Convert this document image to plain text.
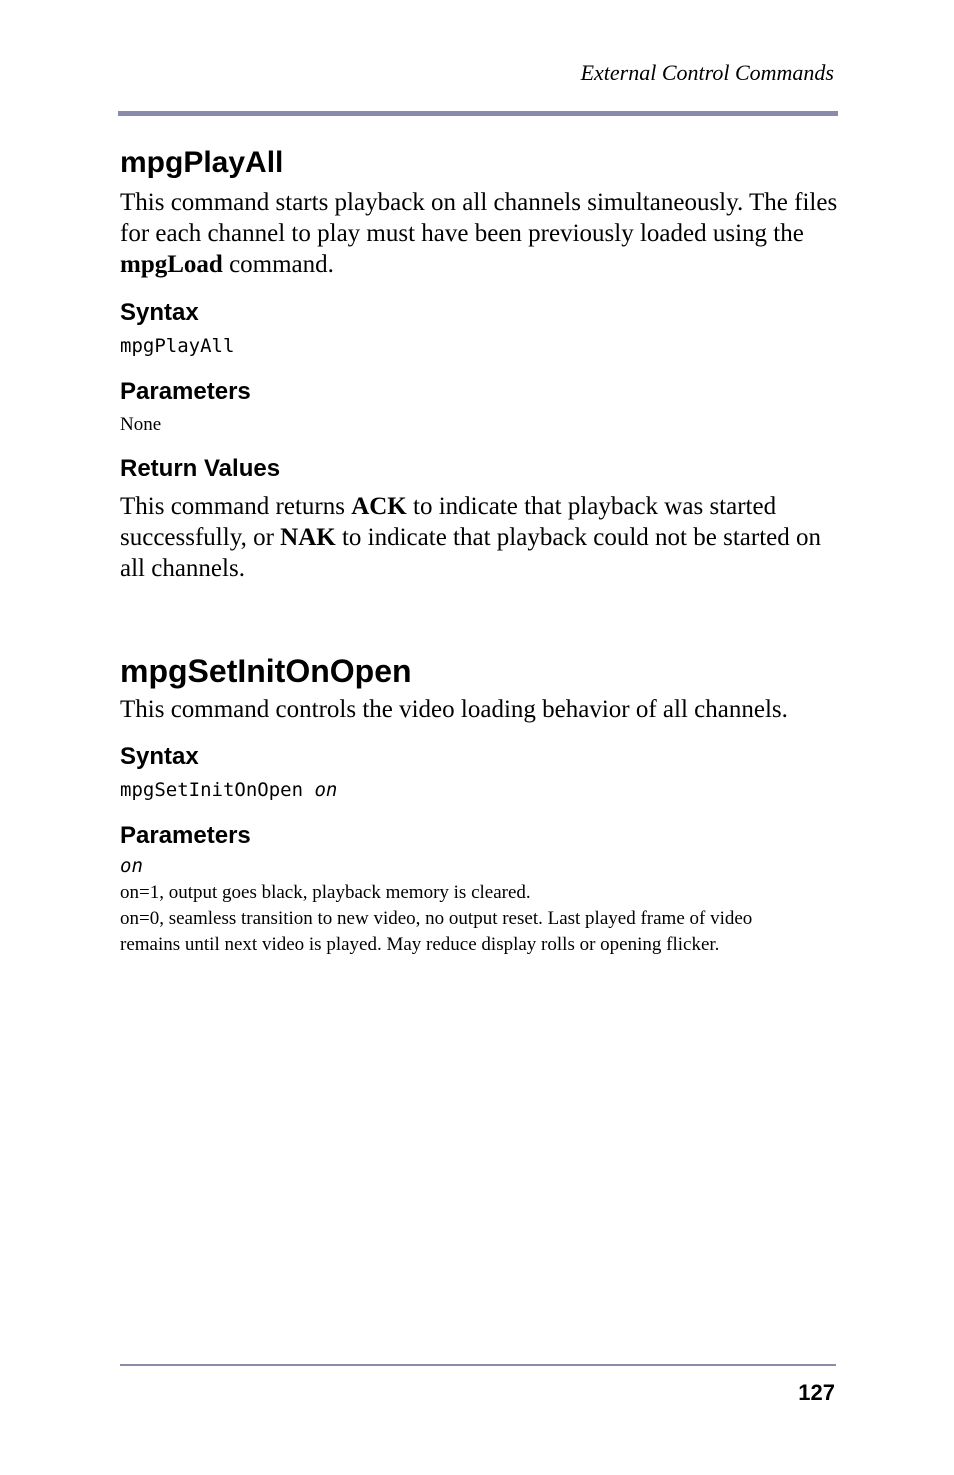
External Control Commands
mpgPlayAll

This command starts playback on all channels simultaneously. The files for each channel to play must have been previously loaded using the mpgLoad command.

Syntax

mpgPlayAll

Parameters

None

Return Values

This command returns ACK to indicate that playback was started successfully, or NAK to indicate that playback could not be started on all channels.

mpgSetInitOnOpen

This command controls the video loading behavior of all channels.

Syntax

mpgSetInitOnOpen on

Parameters

on

on=1, output goes black, playback memory is cleared.

on=0, seamless transition to new video, no output reset. Last played frame of video remains until next video is played. May reduce display rolls or opening flicker.

127
